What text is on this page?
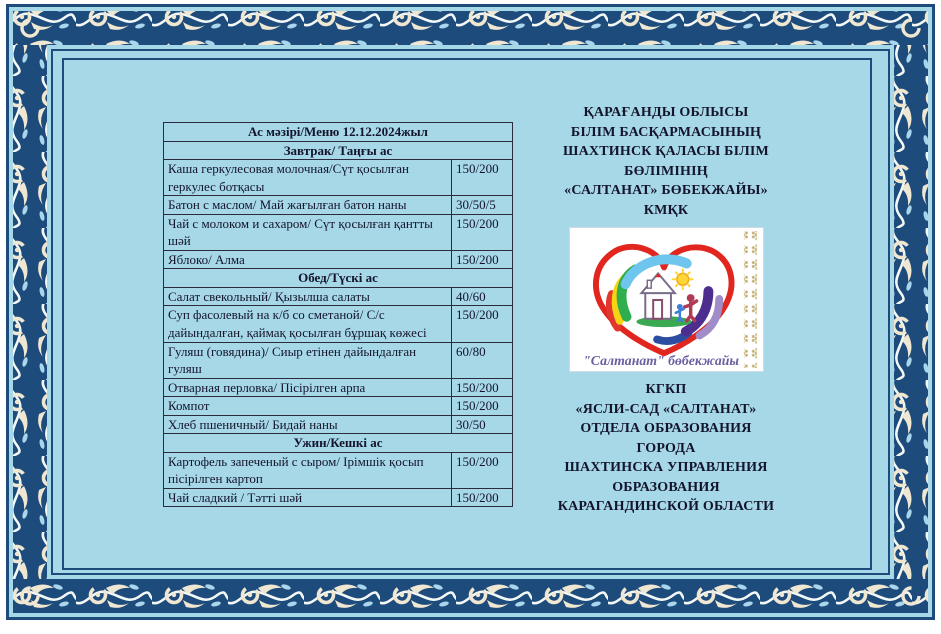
Ас мәзірі/Меню 12.12.2024жыл	
Завтрак/ Таңғы ас	
Каша геркулесовая молочная/Сүт қосылған геркулес ботқасы	150/200
Батон с маслом/ Май жағылған батон наны	30/50/5
Чай с молоком и сахаром/ Сүт қосылған қантты шәй	150/200
Яблоко/ Алма	150/200
Обед/Түскі ас	
Салат свекольный/ Қызылша салаты	40/60
Суп фасолевый на к/б со сметаной/ С/с дайындалған, қаймақ қосылған бұршақ көжесі	150/200
Гуляш (говядина)/ Сиыр етінен дайындалған гуляш	60/80
Отварная перловка/ Пісірілген арпа	150/200
Компот	150/200
Хлеб пшеничный/ Бидай наны	30/50
Ужин/Кешкі ас	
Картофель запеченый с сыром/ Ірімшік қосып пісірілген картоп	150/200
Чай сладкий / Тәтті шәй	150/200
ҚАРАҒАНДЫ ОБЛЫСЫ
БІЛІМ БАСҚАРМАСЫНЫҢ
ШАХТИНСК ҚАЛАСЫ БІЛІМ
БӨЛІМІНІҢ
«САЛТАНАТ» БӨБЕКЖАЙЫ»
КМҚК
"Салтанат" бөбекжайы
КГКП
«ЯСЛИ-САД «САЛТАНАТ»
ОТДЕЛА ОБРАЗОВАНИЯ
ГОРОДА
ШАХТИНСКА УПРАВЛЕНИЯ
ОБРАЗОВАНИЯ
КАРАГАНДИНСКОЙ ОБЛАСТИ
